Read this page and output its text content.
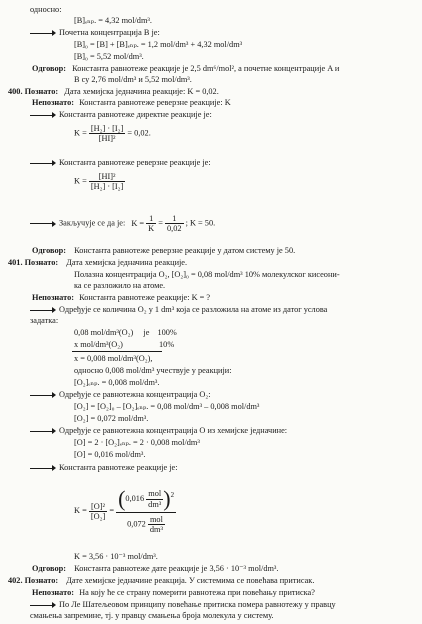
односно:
[B]ₑₙₚ. = 4,32 mol/dm³.
Почетна концентрација B је:
[B]₀ = [B] + [B]ₑₙₚ. = 1,2 mol/dm³ + 4,32 mol/dm³
[B]₀ = 5,52 mol/dm³.
Одговор: Константа равнотеже реакције је 2,5 dm⁶/mol², а почетне концентрације A и
B су 2,76 mol/dm³ и 5,52 mol/dm³.
400. Познато: Дата хемијска једначина реакције: K = 0,02.
Непознато: Константа равнотеже реверзне реакције: K
Константа равнотеже директне реакције је:
$K = \frac{\text{[H₂] · [I₂]}}{\text{[HI]²}} = 0,02$.
Константа равнотеже реверзне реакције је:
$K = \frac{\text{[HI]²}}{\text{[H₂] · [I₂]}}$
Закључује се да је: $K = \frac{1}{K} = \frac{1}{0,02}$ ; K = 50.
Одговор: Константа равнотеже реверзне реакције у датом систему је 50.
401. Познато: Дата хемијска једначина реакције.
Полазна концентрација O₂, [O₂]₀ = 0,08 mol/dm³ 10% молекулског кисеони-
ка се разложило на атоме.
Непознато: Константа равнотеже реакције: K = ?
Одређује се количина O₂ у 1 dm³ која се разложила на атоме из датог услова
задатка:
0,08 mol/dm³(O₂) је 100%
x mol/dm³(O₂)	10%
x = 0,008 mol/dm³(O₂),
односно 0,008 mol/dm³ учествује у реакцији:
[O₂]ₑₙₚ. = 0,008 mol/dm³.
Одређује се равнотежна концентрација O₂:
[O₂] = [O₂]₀ – [O₂]ₑₙₚ. = 0,08 mol/dm³ – 0,008 mol/dm³
[O₂] = 0,072 mol/dm³.
Одређује се равнотежна концентрација O из хемијске једначине:
[O] = 2 · [O₂]ₑₙₚ. = 2 · 0,008 mol/dm³
[O] = 0,016 mol/dm³.
Константа равнотеже реакције је:
$K = \frac{\text{[O]²}}{\text{[O₂]}} = \frac{(0,016 \frac{\text{mol}}{\text{dm³}} )^2}{0,072 \frac{\text{mol}}{\text{dm³}}}$
K = 3,56 · 10⁻³ mol/dm³.
Одговор: Константа равнотеже дате реакције је 3,56 · 10⁻³ mol/dm³.
402. Познато: Дате хемијске једначине реакција. У системима се повећава притисак.
Непознато: На коју ће се страну померити равнотежа при повећању притиска?
По Ле Шатељеовом принципу повећање притиска помера равнотежу у правцу
смањења запремине, тј. у правцу смањења броја молекула у систему.
